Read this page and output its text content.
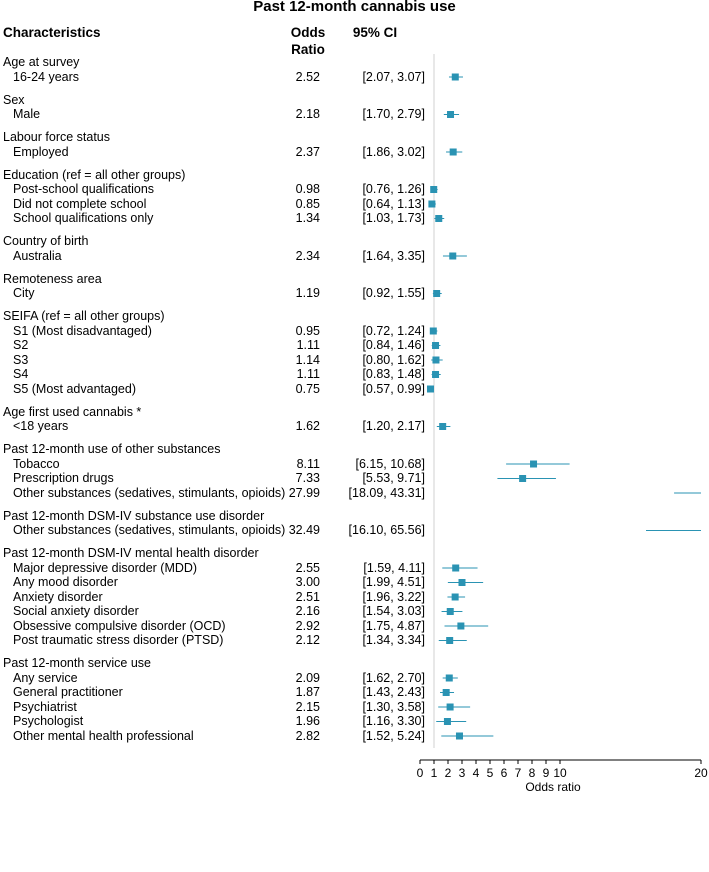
Past 12-month cannabis use
Characteristics	Odds Ratio
95% CI
Age at survey
16-24 years	2.52	[2.07, 3.07]
Sex
Male	2.18	[1.70, 2.79]
Labour force status
Employed	2.37	[1.86, 3.02]
Education (ref = all other groups)
Post-school qualifications	0.98	[0.76, 1.26]
Did not complete school	0.85	[0.64, 1.13]
School qualifications only	1.34	[1.03, 1.73]
Country of birth
Australia	2.34	[1.64, 3.35]
Remoteness area
City	1.19	[0.92, 1.55]
SEIFA (ref = all other groups)
S1 (Most disadvantaged)	0.95	[0.72, 1.24]
S2	1.11	[0.84, 1.46]
S3	1.14	[0.80, 1.62]
S4	1.11	[0.83, 1.48]
S5 (Most advantaged)	0.75	[0.57, 0.99]
Age first used cannabis *
<18 years	1.62	[1.20, 2.17]
Past 12-month use of other substances
Tobacco	8.11	[6.15, 10.68]
Prescription drugs	7.33	[5.53, 9.71]
Other substances (sedatives, stimulants, opioids) 27.99	[18.09, 43.31]
Past 12-month DSM-IV substance use disorder
Other substances (sedatives, stimulants, opioids) 32.49	[16.10, 65.56]
Past 12-month DSM-IV mental health disorder
Major depressive disorder (MDD)	2.55	[1.59, 4.11]
Any mood disorder	3.00	[1.99, 4.51]
Anxiety disorder	2.51	[1.96, 3.22]
Social anxiety disorder	2.16	[1.54, 3.03]
Obsessive compulsive disorder (OCD)	2.92	[1.75, 4.87]
Post traumatic stress disorder (PTSD)	2.12	[1.34, 3.34]
Past 12-month service use
Any service	2.09	[1.62, 2.70]
General practitioner	1.87	[1.43, 2.43]
Psychiatrist	2.15	[1.30, 3.58]
Psychologist	1.96	[1.16, 3.30]
Other mental health professional	2.82	[1.52, 5.24]
0 1 2 3 4 5 6 7 8 9 10	20
Odds ratio
